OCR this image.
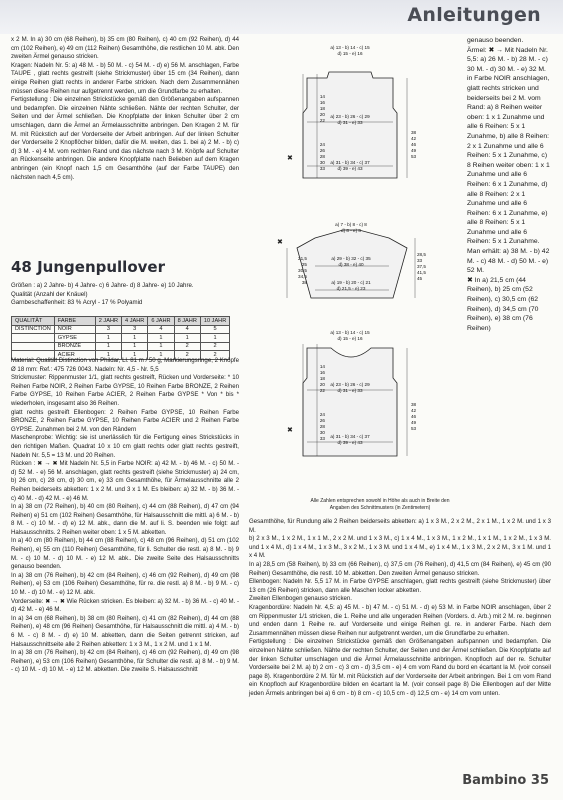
Anleitungen

x 2 M. In a) 30 cm (68 Reihen), b) 35 cm (80 Reihen), c) 40 cm (92 Reihen), d) 44 cm (102 Reihen), e) 49 cm (112 Reihen) Gesamthöhe, die restlichen 10 M. abk. Den zweiten Ärmel genauso stricken.

Kragen: Nadeln Nr. 5: a) 48 M. - b) 50 M. - c) 54 M. - d) e) 56 M. anschlagen, Farbe TAUPE , glatt rechts gestreift (siehe Strickmuster) über 15 cm (34 Reihen), dann einige Reihen glatt rechts in anderer Farbe stricken. Nach dem Zusammennähen müssen diese Reihen nur aufgetrennt werden, um die Grundfarbe zu erhalten.

Fertigstellung : Die einzelnen Strickstücke gemäß den Größenangaben aufspannen und bedampfen. Die einzelnen Nähte schließen. Nähte der rechten Schulter, der Seiten und der Ärmel schließen. Die Knopfplatte der linken Schulter über 2 cm umschlagen, dann die Ärmel an Ärmelausschnitte anbringen. Den Kragen 2 M. für M. mit Rückstich auf der Vorderseite der Arbeit anbringen. Auf der linken Schulter der Vorderseite 2 Knopflöcher bilden, dafür die M. weiten, das 1. bei a) 2 M. - b) c) d) 3 M. - e) 4 M. vom rechten Rand und das nächste nach 3 M. Knöpfe auf Schulter an Rückenseite anbringen. Die andere Knopfplatte nach Belieben auf dem Kragen anbringen (ein Knopf nach 1,5 cm Gesamthöhe (auf der Farbe TAUPE) den nächsten nach 4,5 cm).

48 Jungenpullover

Größen : a) 2 Jahre- b) 4 Jahre- c) 6 Jahre- d) 8 Jahre- e) 10 Jahre.

Qualität (Anzahl der Knäuel)

Garnbeschaffenheit: 83 % Acryl - 17 % Polyamid

QUALITÄT	FARBE	2 JAHR	4 JAHR	6 JAHR	8 JAHR	10 JAHR
DISTINCTION	NOIR	3	3	4	4	5
	GYPSE	1	1	1	1	1
	BRONZE	1	1	1	2	2
	ACIER	1	1	1	2	2

Material: Qualität Distinction von Phildar, Ll. 81 m / 50 g, Markierungsringe, 2 Knöpfe Ø 18 mm: Ref.: 475 726 0043. Nadeln: Nr. 4,5 - Nr. 5,5

Strickmuster: Rippenmuster 1/1, glatt rechts gestreift, Rücken und Vorderseite: * 10 Reihen Farbe NOIR, 2 Reihen Farbe GYPSE, 10 Reihen Farbe BRONZE, 2 Reihen Farbe GYPSE, 10 Reihen Farbe ACIER, 2 Reihen Farbe GYPSE * Von * bis * wiederholen, insgesamt also 36 Reihen.

glatt rechts gestreift Ellenbogen: 2 Reihen Farbe GYPSE, 10 Reihen Farbe BRONZE, 2 Reihen Farbe GYPSE, 10 Reihen Farbe ACIER und 2 Reihen Farbe GYPSE. Zunahmen bei 2 M. von den Rändern

Maschenprobe: Wichtig: sie ist unerlässlich für die Fertigung eines Strickstücks in den richtigen Maßen. Quadrat 10 x 10 cm glatt rechts oder glatt rechts gestreift, Nadeln Nr. 5,5 = 13 M. und 20 Reihen.

Rücken : ✖ → ✖ Mit Nadeln Nr. 5,5 in Farbe NOIR: a) 42 M. - b) 46 M. - c) 50 M. - d) 52 M. - e) 56 M. anschlagen, glatt rechts gestreift (siehe Strickmuster) a) 24 cm, b) 26 cm, c) 28 cm, d) 30 cm, e) 33 cm Gesamthöhe, für Ärmelausschnitte alle 2 Reihen beiderseits abketten: 1 x 2 M. und 3 x 1 M. Es bleiben: a) 32 M. - b) 36 M. - c) 40 M. - d) 42 M. - e) 46 M.

In a) 38 cm (72 Reihen), b) 40 cm (80 Reihen), c) 44 cm (88 Reihen), d) 47 cm (94 Reihen) e) 51 cm (102 Reihen) Gesamthöhe, für Halsausschnitt die mittl. a) 6 M. - b) 8 M. - c) 10 M. - d) e) 12 M. abk., dann die M. auf li. S. beenden wie folgt: auf Halsausschnitts. 2 Reihen weiter oben: 1 x 5 M. abketten.

In a) 40 cm (80 Reihen), b) 44 cm (88 Reihen), c) 48 cm (96 Reihen), d) 51 cm (102 Reihen), e) 55 cm (110 Reihen) Gesamthöhe, für li. Schulter die restl. a) 8 M. - b) 9 M. - c) 10 M. - d) 10 M. - e) 12 M. abk.. Die zweite Seite des Halsausschnitts genauso beenden.

In a) 38 cm (76 Reihen), b) 42 cm (84 Reihen), c) 46 cm (92 Reihen), d) 49 cm (98 Reihen), e) 53 cm (106 Reihen) Gesamthöhe, für re. die restl. a) 8 M. - b) 9 M. - c) 10 M. - d) 10 M. - e) 12 M. abk.

Vorderseite: ✖ → ✖ Wie Rücken stricken. Es bleiben: a) 32 M. - b) 36 M. - c) 40 M. - d) 42 M. - e) 46 M.

In a) 34 cm (68 Reihen), b) 38 cm (80 Reihen), c) 41 cm (82 Reihen), d) 44 cm (88 Reihen), e) 48 cm (96 Reihen) Gesamthöhe, für Halsausschnitt die mittl. a) 4 M. - b) 6 M. - c) 8 M. - d) e) 10 M. abketten, dann die Seiten getrennt stricken, auf Halsausschnittseite alle 2 Reihen abketten: 1 x 3 M., 1 x 2 M. und 1 x 1 M.

In a) 38 cm (76 Reihen), b) 42 cm (84 Reihen), c) 46 cm (92 Reihen), d) 49 cm (98 Reihen), e) 53 cm (106 Reihen) Gesamthöhe, für Schulter die restl. a) 8 M. - b) 9 M. - c) 10 M. - d) 10 M. - e) 12 M. abketten. Die zweite S. Halsausschnitt

a) 13 - b) 14 - c) 15
d) 15 - e) 16
a) 23 - b) 26 - c) 29
d) 31 - e) 33
a) 31 - b) 34 - c) 37
d) 39 - e) 43
a) 7 - b) 8 - c) 8
d) 8 - e) 8
a) 29 - b) 32 - c) 35
d) 38 - e) 40
a) 19 - b) 20 - c) 21
d) 21,5 - e) 23
a) 13 - b) 14 - c) 15
d) 15 - e) 16
a) 23 - b) 26 - c) 29
d) 31 - e) 33
a) 31 - b) 34 - c) 37
d) 39 - e) 43
14
16
18
20
22
24
26
28
30
33
21,5
25
30,5
34,5
38
14
16
18
20
22
24
26
28
30
33
38
42
46
49
53
28,5
33
37,5
41,5
45
38
42
46
49
53
✖
✖
✖
Alle Zahlen entsprechen sowohl in Höhe als auch in Breite den Angaben des Schnittmusters (in Zentimetern)

genauso beenden.

Ärmel: ✖ → Mit Nadeln Nr. 5,5: a) 26 M. - b) 28 M. - c) 30 M. - d) 30 M. - e) 32 M. in Farbe NOIR anschlagen, glatt rechts stricken und beiderseits bei 2 M. vom Rand: a) 8 Reihen weiter oben: 1 x 1 Zunahme und alle 6 Reihen: 5 x 1 Zunahme, b) alle 8 Reihen: 2 x 1 Zunahme und alle 6 Reihen: 5 x 1 Zunahme, c) 8 Reihen weiter oben: 1 x 1 Zunahme und alle 6 Reihen: 6 x 1 Zunahme, d) alle 8 Reihen: 2 x 1 Zunahme und alle 6 Reihen: 6 x 1 Zunahme, e) alle 8 Reihen: 5 x 1 Zunahme und alle 6 Reihen: 5 x 1 Zunahme.

Man erhält: a) 38 M. - b) 42 M. - c) 48 M. - d) 50 M. - e) 52 M.

✖ In a) 21,5 cm (44 Reihen), b) 25 cm (52 Reihen), c) 30,5 cm (62 Reihen), d) 34,5 cm (70 Reihen), e) 38 cm (76 Reihen)

Gesamthöhe, für Rundung alle 2 Reihen beiderseits abketten: a) 1 x 3 M., 2 x 2 M., 2 x 1 M., 1 x 2 M. und 1 x 3 M.

b) 2 x 3 M., 1 x 2 M., 1 x 1 M., 2 x 2 M. und 1 x 3 M., c) 1 x 4 M., 1 x 3 M., 1 x 2 M., 1 x 1 M., 1 x 2 M., 1 x 3 M. und 1 x 4 M., d) 1 x 4 M., 1 x 3 M., 3 x 2 M., 1 x 3 M. und 1 x 4 M., e) 1 x 4 M., 1 x 3 M., 2 x 2 M., 3 x 1 M. und 1 x 4 M.

In a) 28,5 cm (58 Reihen), b) 33 cm (66 Reihen), c) 37,5 cm (76 Reihen), d) 41,5 cm (84 Reihen), e) 45 cm (90 Reihen) Gesamthöhe, die restl. 10 M. abketten. Den zweiten Ärmel genauso stricken.

Ellenbogen: Nadeln Nr. 5,5 17 M. in Farbe GYPSE anschlagen, glatt rechts gestreift (siehe Strickmuster) über 13 cm (26 Reihen) stricken, dann alle Maschen locker abketten.

Zweiten Ellenbogen genauso stricken.

Kragenbordüre: Nadeln Nr. 4,5: a) 45 M. - b) 47 M. - c) 51 M. - d) e) 53 M. in Farbe NOIR anschlagen, über 2 cm Rippenmuster 1/1 stricken, die 1. Reihe und alle ungeraden Reihen (Vorders. d. Arb.) mit 2 M. re. beginnen und enden dann 1 Reihe re. auf Vorderseite und einige Reihen gl. re. in anderer Farbe. Nach dem Zusammennähen müssen diese Reihen nur aufgetrennt werden, um die Grundfarbe zu erhalten.

Fertigstellung : Die einzelnen Strickstücke gemäß den Größenangaben aufspannen und bedampfen. Die einzelnen Nähte schließen. Nähte der rechten Schulter, der Seiten und der Ärmel schließen. Die Knopfplatte auf der linken Schulter umschlagen und die Ärmel Ärmelausschnitte anbringen. Knopfloch auf der re. Schulter Vorderseite bei 2 M. a) b) 2 cm - c) 3 cm - d) 3,5 cm - e) 4 cm vom Rand du bord en écartant la M. (voir conseil page 8). Kragenbordüre 2 M. für M. mit Rückstich auf der Vorderseite der Arbeit anbringen. Bei 1 cm vom Rand ein Knopfloch auf Kragenbordüre bilden en écartant la M. (voir conseil page 8) Die Ellenbogen auf der Mitte jeden Ärmels anbringen bei a) 6 cm - b) 8 cm - c) 10,5 cm - d) 12,5 cm - e) 14 cm vom unten.

Bambino 35
